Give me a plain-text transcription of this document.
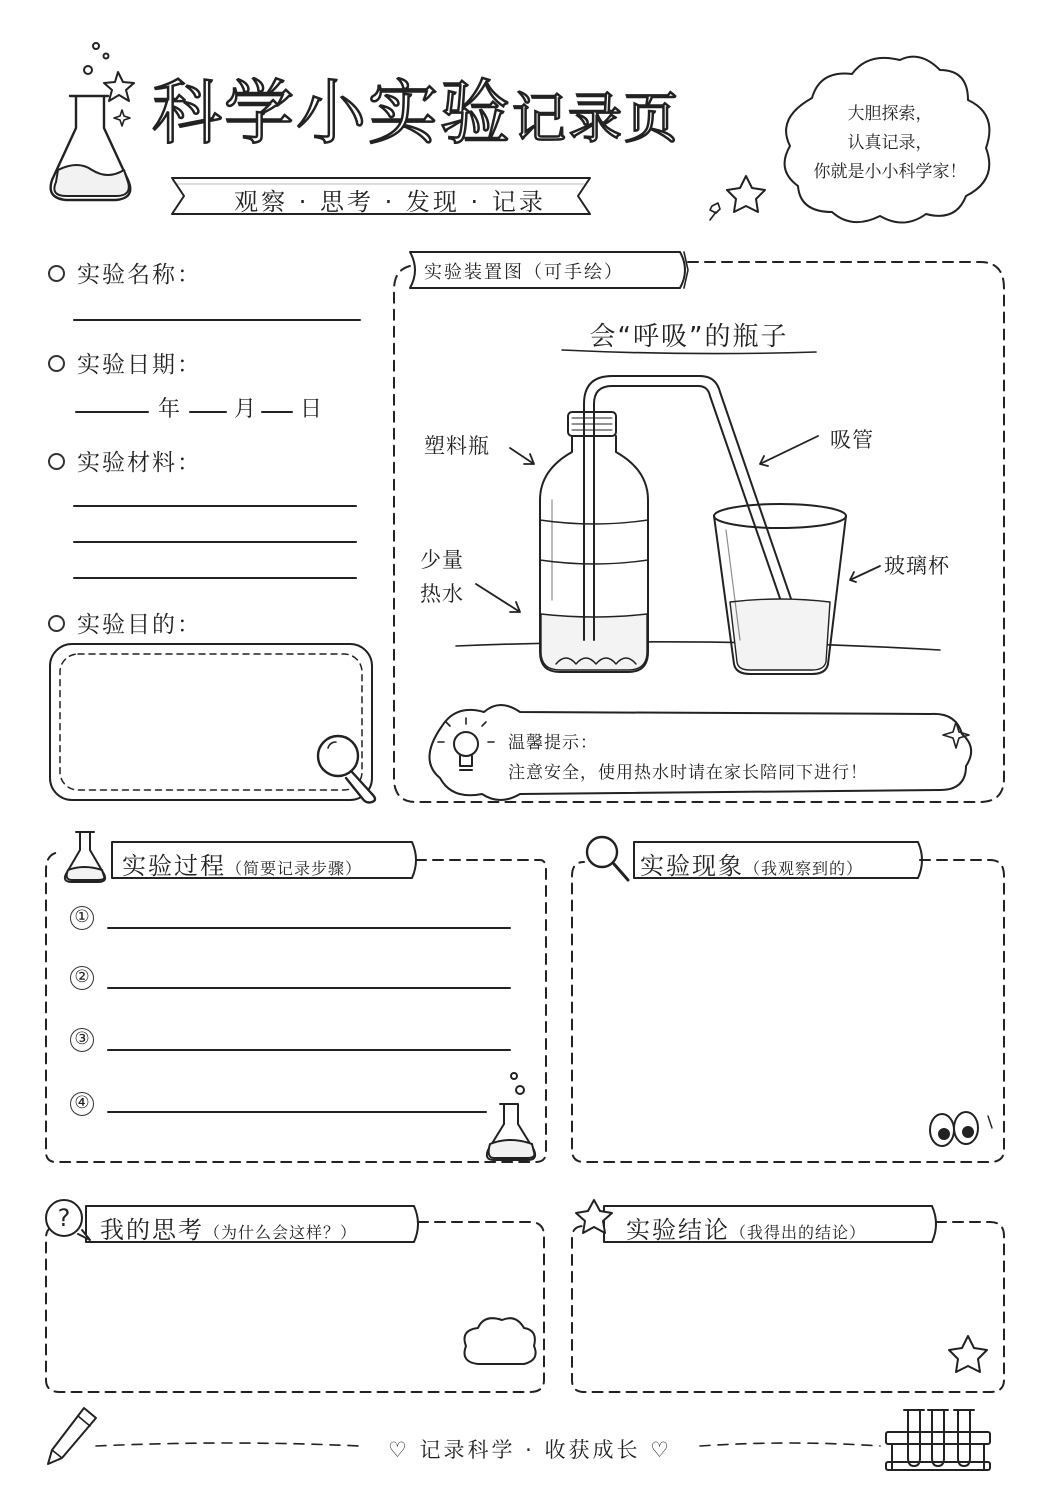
科学小实验记录页
观察 · 思考 · 发现 · 记录
大胆探索，
认真记录，
你就是小小科学家！
实验名称：
实验日期：
年 月 日
实验材料：
实验目的：
实验装置图（可手绘）
会“呼吸”的瓶子
塑料瓶	吸管
少量
热水
玻璃杯
温馨提示：
注意安全，使用热水时请在家长陪同下进行！
实验过程（简要记录步骤）
①
②
③
④
实验现象（我观察到的）
? 我的思考（为什么会这样？）	实验结论（我得出的结论）
♡ 记录科学 · 收获成长 ♡
